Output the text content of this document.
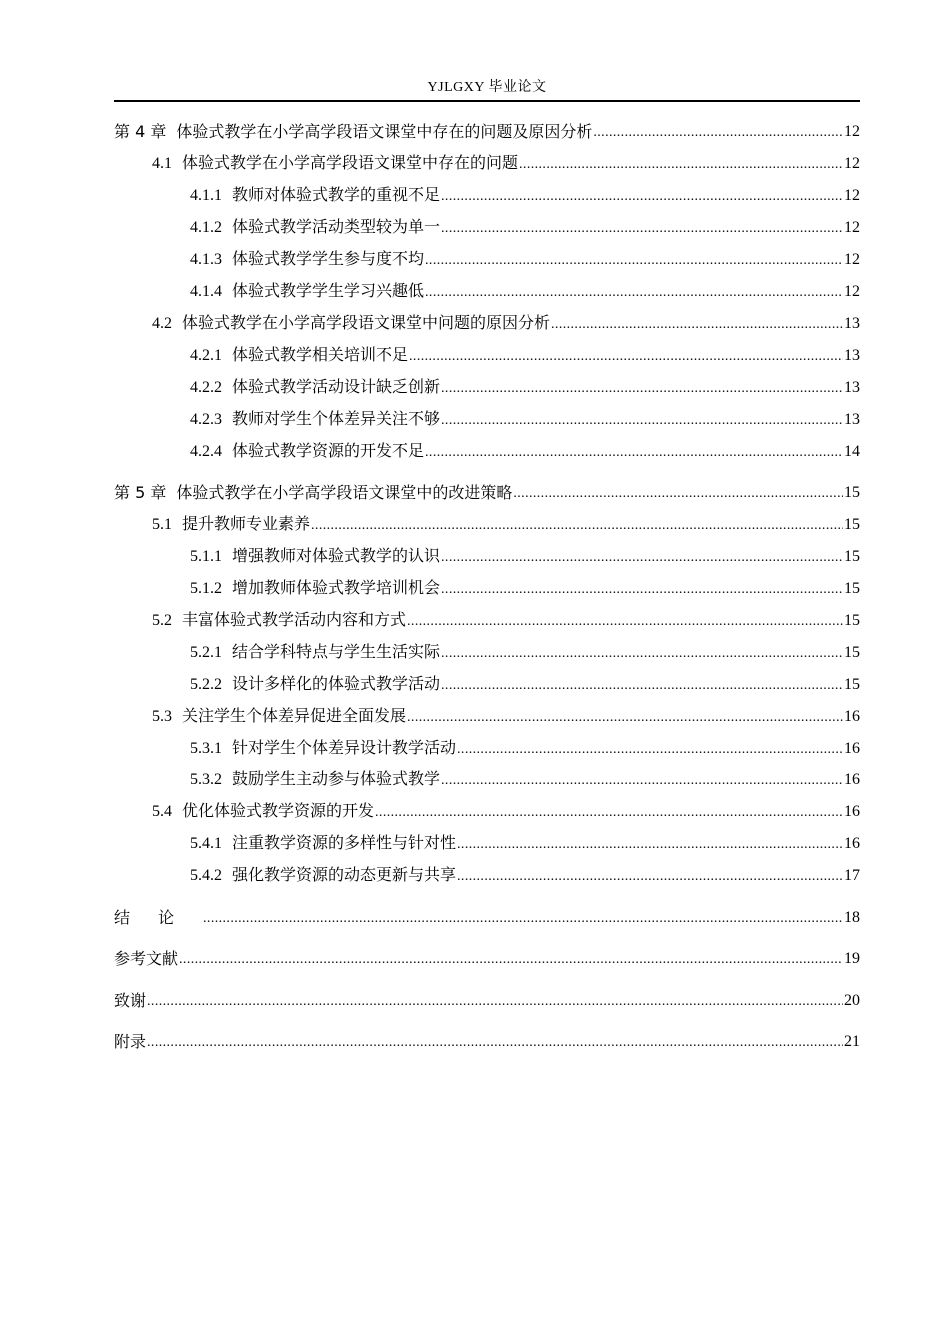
YJLGXY 毕业论文
第 4 章 体验式教学在小学高学段语文课堂中存在的问题及原因分析 .....	12
4.1 体验式教学在小学高学段语文课堂中存在的问题 .....	12
4.1.1 教师对体验式教学的重视不足 .....	12
4.1.2 体验式教学活动类型较为单一 .....	12
4.1.3 体验式教学学生参与度不均 .....	12
4.1.4 体验式教学学生学习兴趣低 .....	12
4.2 体验式教学在小学高学段语文课堂中问题的原因分析 .....	13
4.2.1 体验式教学相关培训不足 .....	13
4.2.2 体验式教学活动设计缺乏创新 .....	13
4.2.3 教师对学生个体差异关注不够 .....	13
4.2.4 体验式教学资源的开发不足 .....	14
第 5 章 体验式教学在小学高学段语文课堂中的改进策略 .....	15
5.1 提升教师专业素养 .....	15
5.1.1 增强教师对体验式教学的认识 .....	15
5.1.2 增加教师体验式教学培训机会 .....	15
5.2 丰富体验式教学活动内容和方式 .....	15
5.2.1 结合学科特点与学生生活实际 .....	15
5.2.2 设计多样化的体验式教学活动 .....	15
5.3 关注学生个体差异促进全面发展 .....	16
5.3.1 针对学生个体差异设计教学活动 .....	16
5.3.2 鼓励学生主动参与体验式教学 .....	16
5.4 优化体验式教学资源的开发 .....	16
5.4.1 注重教学资源的多样性与针对性 .....	16
5.4.2 强化教学资源的动态更新与共享 .....	17
结论 .....	18
参考文献 .....	19
致谢 .....	20
附录 .....	21
